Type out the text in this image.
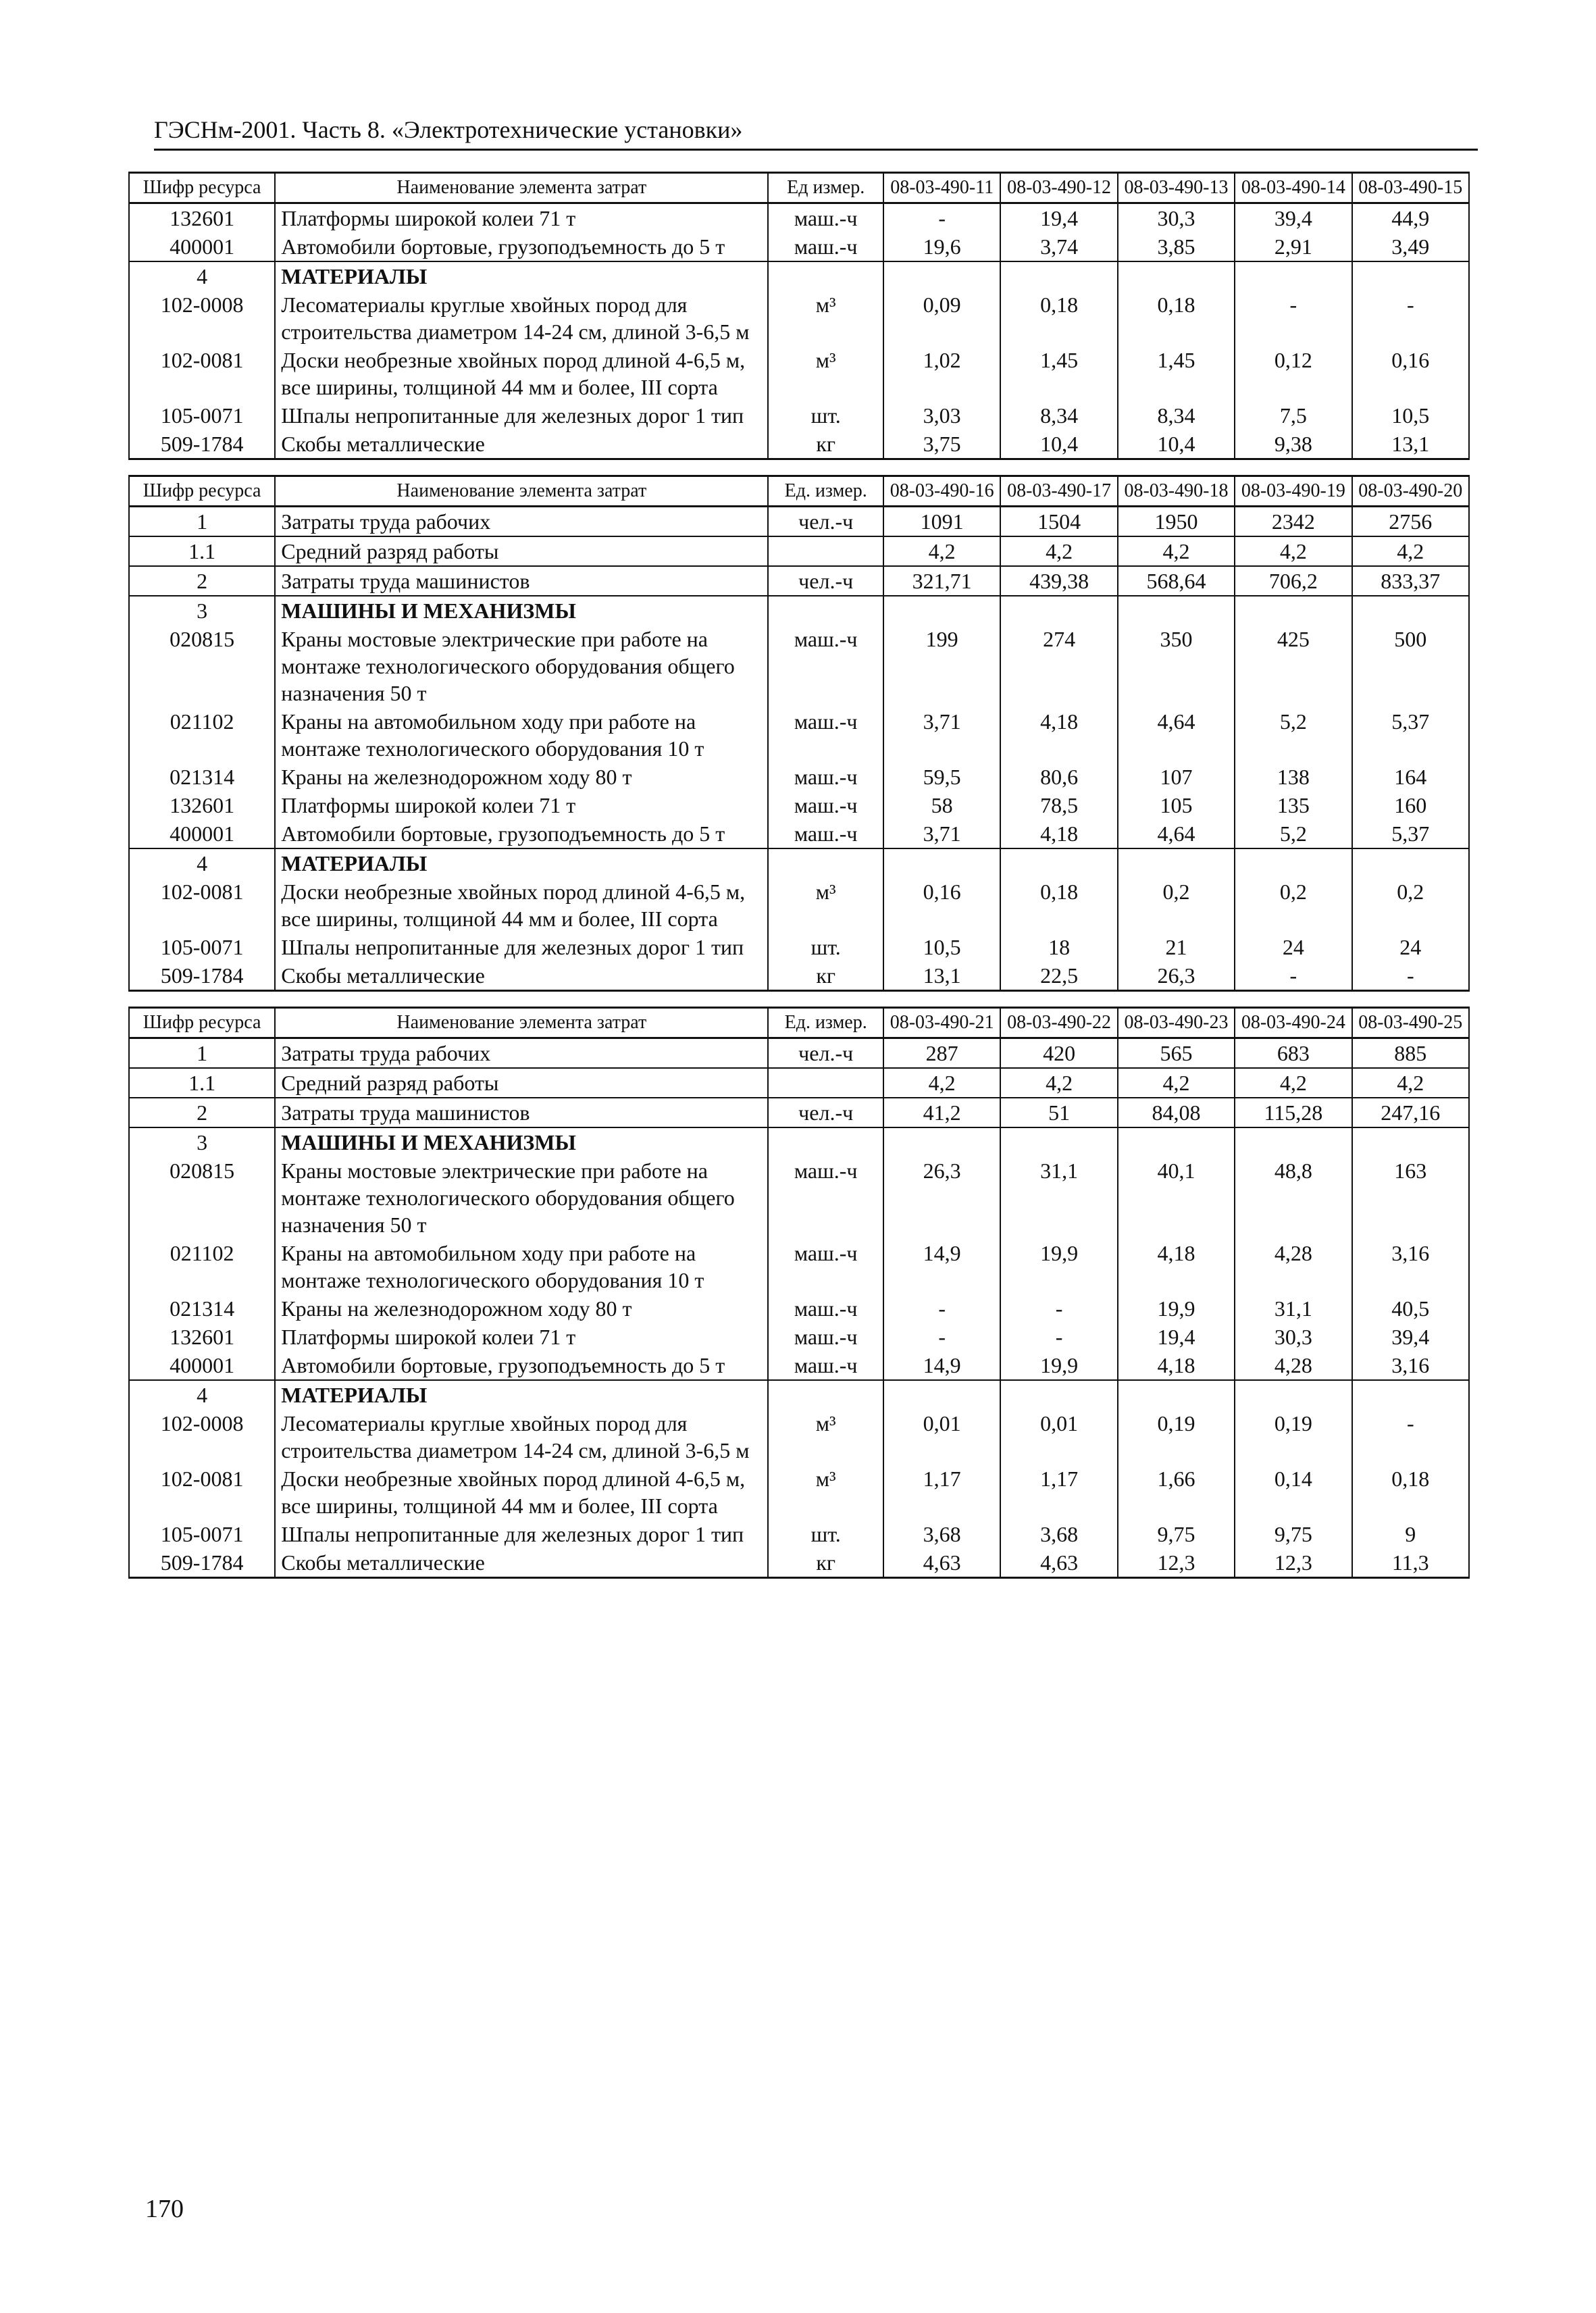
ГЭСНм-2001. Часть 8. «Электротехнические установки»
Шифр ресурса	Наименование элемента затрат	Ед измер.	08-03-490-11	08-03-490-12	08-03-490-13	08-03-490-14	08-03-490-15
132601	Платформы широкой колеи 71 т	маш.-ч	-	19,4	30,3	39,4	44,9
400001	Автомобили бортовые, грузоподъемность до 5 т	маш.-ч	19,6	3,74	3,85	2,91	3,49
4	МАТЕРИАЛЫ						
102-0008	Лесоматериалы круглые хвойных пород для строительства диаметром 14-24 см, длиной 3-6,5 м	м³	0,09	0,18	0,18	-	-
102-0081	Доски необрезные хвойных пород длиной 4-6,5 м, все ширины, толщиной 44 мм и более, III сорта	м³	1,02	1,45	1,45	0,12	0,16
105-0071	Шпалы непропитанные для железных дорог 1 тип	шт.	3,03	8,34	8,34	7,5	10,5
509-1784	Скобы металлические	кг	3,75	10,4	10,4	9,38	13,1
Шифр ресурса	Наименование элемента затрат	Ед. измер.	08-03-490-16	08-03-490-17	08-03-490-18	08-03-490-19	08-03-490-20
1	Затраты труда рабочих	чел.-ч	1091	1504	1950	2342	2756
1.1	Средний разряд работы		4,2	4,2	4,2	4,2	4,2
2	Затраты труда машинистов	чел.-ч	321,71	439,38	568,64	706,2	833,37
3	МАШИНЫ И МЕХАНИЗМЫ						
020815	Краны мостовые электрические при работе на монтаже технологического оборудования общего назначения 50 т	маш.-ч	199	274	350	425	500
021102	Краны на автомобильном ходу при работе на монтаже технологического оборудования 10 т	маш.-ч	3,71	4,18	4,64	5,2	5,37
021314	Краны на железнодорожном ходу 80 т	маш.-ч	59,5	80,6	107	138	164
132601	Платформы широкой колеи 71 т	маш.-ч	58	78,5	105	135	160
400001	Автомобили бортовые, грузоподъемность до 5 т	маш.-ч	3,71	4,18	4,64	5,2	5,37
4	МАТЕРИАЛЫ						
102-0081	Доски необрезные хвойных пород длиной 4-6,5 м, все ширины, толщиной 44 мм и более, III сорта	м³	0,16	0,18	0,2	0,2	0,2
105-0071	Шпалы непропитанные для железных дорог 1 тип	шт.	10,5	18	21	24	24
509-1784	Скобы металлические	кг	13,1	22,5	26,3	-	-
Шифр ресурса	Наименование элемента затрат	Ед. измер.	08-03-490-21	08-03-490-22	08-03-490-23	08-03-490-24	08-03-490-25
1	Затраты труда рабочих	чел.-ч	287	420	565	683	885
1.1	Средний разряд работы		4,2	4,2	4,2	4,2	4,2
2	Затраты труда машинистов	чел.-ч	41,2	51	84,08	115,28	247,16
3	МАШИНЫ И МЕХАНИЗМЫ						
020815	Краны мостовые электрические при работе на монтаже технологического оборудования общего назначения 50 т	маш.-ч	26,3	31,1	40,1	48,8	163
021102	Краны на автомобильном ходу при работе на монтаже технологического оборудования 10 т	маш.-ч	14,9	19,9	4,18	4,28	3,16
021314	Краны на железнодорожном ходу 80 т	маш.-ч	-	-	19,9	31,1	40,5
132601	Платформы широкой колеи 71 т	маш.-ч	-	-	19,4	30,3	39,4
400001	Автомобили бортовые, грузоподъемность до 5 т	маш.-ч	14,9	19,9	4,18	4,28	3,16
4	МАТЕРИАЛЫ						
102-0008	Лесоматериалы круглые хвойных пород для строительства диаметром 14-24 см, длиной 3-6,5 м	м³	0,01	0,01	0,19	0,19	-
102-0081	Доски необрезные хвойных пород длиной 4-6,5 м, все ширины, толщиной 44 мм и более, III сорта	м³	1,17	1,17	1,66	0,14	0,18
105-0071	Шпалы непропитанные для железных дорог 1 тип	шт.	3,68	3,68	9,75	9,75	9
509-1784	Скобы металлические	кг	4,63	4,63	12,3	12,3	11,3
170
